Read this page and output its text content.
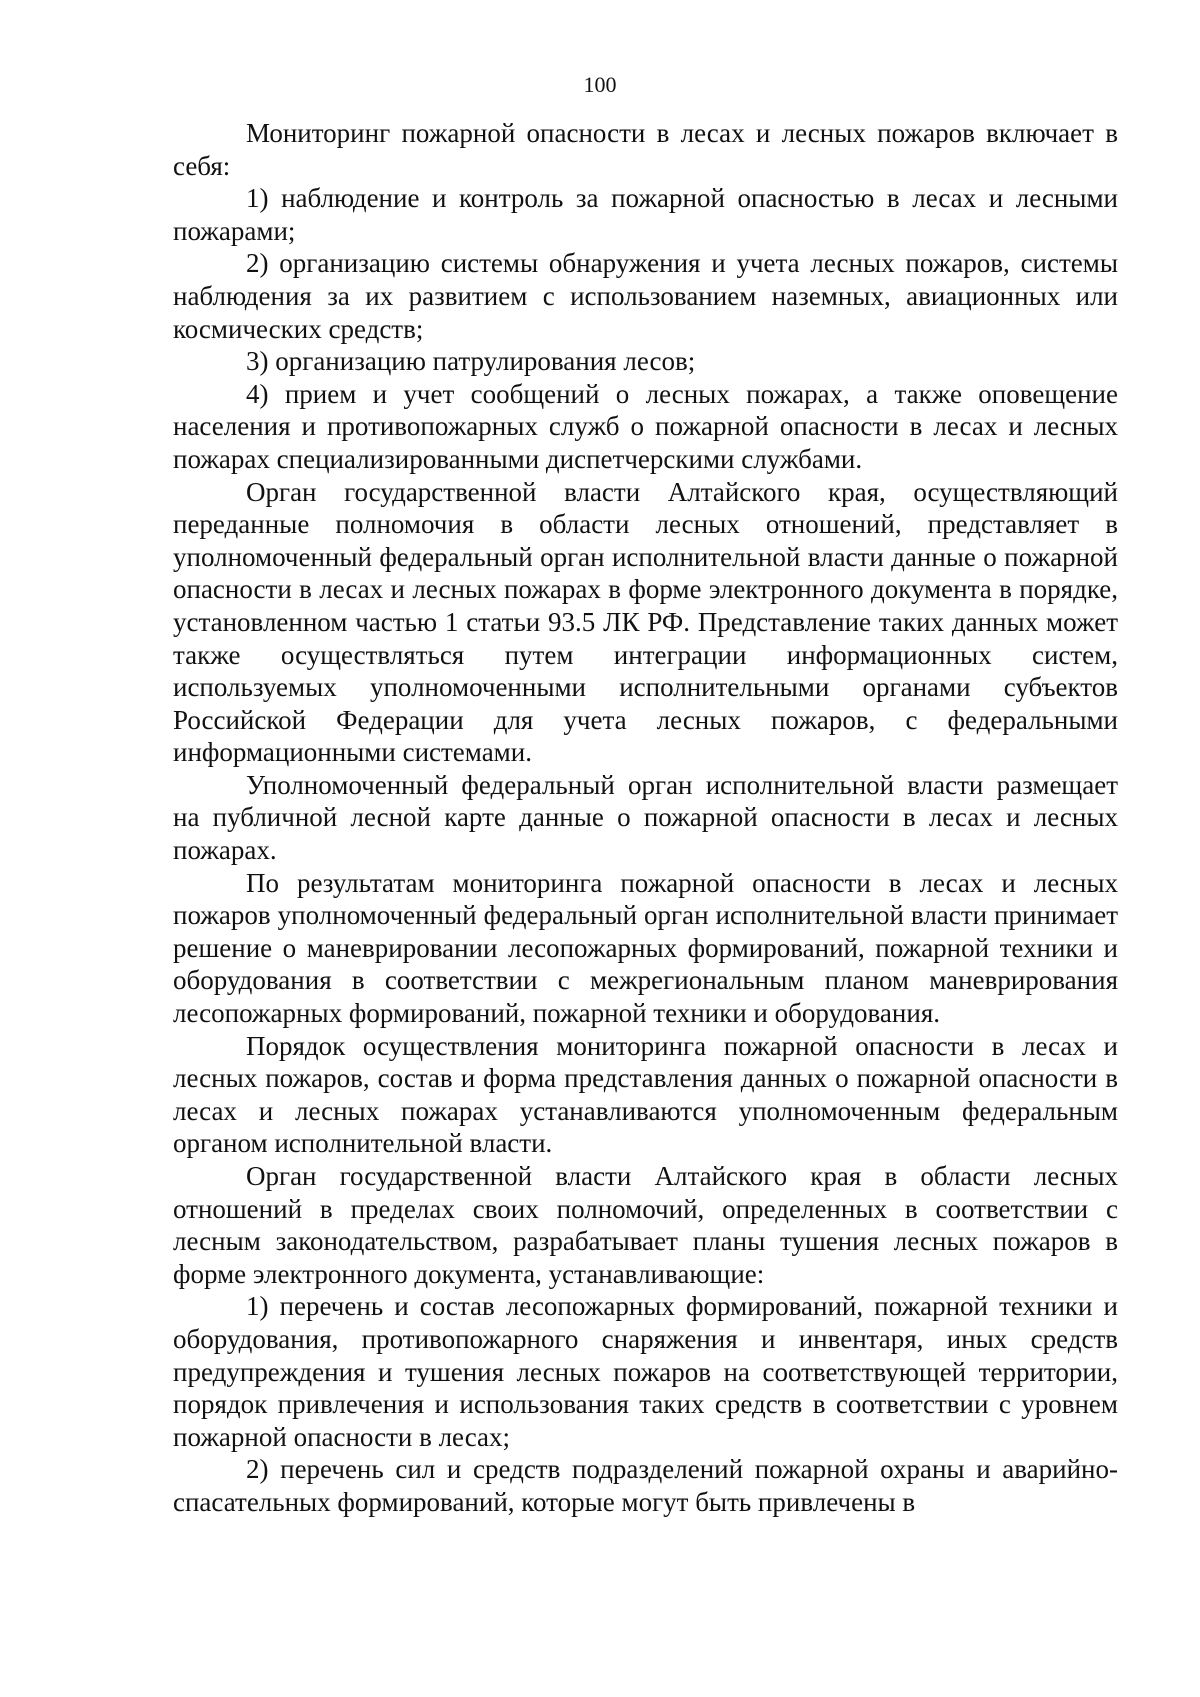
100

Мониторинг пожарной опасности в лесах и лесных пожаров включает в себя:

1) наблюдение и контроль за пожарной опасностью в лесах и лесными пожарами;

2) организацию системы обнаружения и учета лесных пожаров, системы наблюдения за их развитием с использованием наземных, авиационных или космических средств;

3) организацию патрулирования лесов;

4) прием и учет сообщений о лесных пожарах, а также оповещение населения и противопожарных служб о пожарной опасности в лесах и лесных пожарах специализированными диспетчерскими службами.

Орган государственной власти Алтайского края, осуществляющий переданные полномочия в области лесных отношений, представляет в уполномоченный федеральный орган исполнительной власти данные о пожарной опасности в лесах и лесных пожарах в форме электронного документа в порядке, установленном частью 1 статьи 93.5 ЛК РФ. Представление таких данных может также осуществляться путем интеграции информационных систем, используемых уполномоченными исполнительными органами субъектов Российской Федерации для учета лесных пожаров, с федеральными информационными системами.

Уполномоченный федеральный орган исполнительной власти размещает на публичной лесной карте данные о пожарной опасности в лесах и лесных пожарах.

По результатам мониторинга пожарной опасности в лесах и лесных пожаров уполномоченный федеральный орган исполнительной власти принимает решение о маневрировании лесопожарных формирований, пожарной техники и оборудования в соответствии с межрегиональным планом маневрирования лесопожарных формирований, пожарной техники и оборудования.

Порядок осуществления мониторинга пожарной опасности в лесах и лесных пожаров, состав и форма представления данных о пожарной опасности в лесах и лесных пожарах устанавливаются уполномоченным федеральным органом исполнительной власти.

Орган государственной власти Алтайского края в области лесных отношений в пределах своих полномочий, определенных в соответствии с лесным законодательством, разрабатывает планы тушения лесных пожаров в форме электронного документа, устанавливающие:

1) перечень и состав лесопожарных формирований, пожарной техники и оборудования, противопожарного снаряжения и инвентаря, иных средств предупреждения и тушения лесных пожаров на соответствующей территории, порядок привлечения и использования таких средств в соответствии с уровнем пожарной опасности в лесах;

2) перечень сил и средств подразделений пожарной охраны и аварийно-спасательных формирований, которые могут быть привлечены в
